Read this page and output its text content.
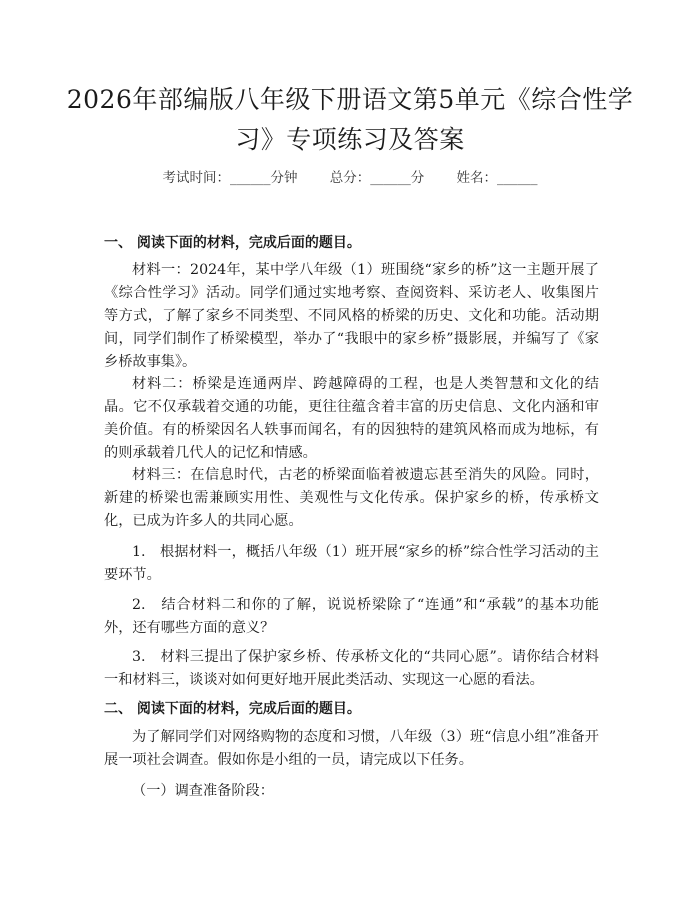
2026年部编版八年级下册语文第5单元《综合性学习》专项练习及答案
考试时间：______分钟 总分：______分 姓名：______
一、 阅读下面的材料，完成后面的题目。
材料一：2024年，某中学八年级（1）班围绕“家乡的桥”这一主题开展了《综合性学习》活动。同学们通过实地考察、查阅资料、采访老人、收集图片等方式，了解了家乡不同类型、不同风格的桥梁的历史、文化和功能。活动期间，同学们制作了桥梁模型，举办了“我眼中的家乡桥”摄影展，并编写了《家乡桥故事集》。
材料二：桥梁是连通两岸、跨越障碍的工程，也是人类智慧和文化的结晶。它不仅承载着交通的功能，更往往蕴含着丰富的历史信息、文化内涵和审美价值。有的桥梁因名人轶事而闻名，有的因独特的建筑风格而成为地标，有的则承载着几代人的记忆和情感。
材料三：在信息时代，古老的桥梁面临着被遗忘甚至消失的风险。同时，新建的桥梁也需兼顾实用性、美观性与文化传承。保护家乡的桥，传承桥文化，已成为许多人的共同心愿。
1.　根据材料一，概括八年级（1）班开展“家乡的桥”综合性学习活动的主要环节。
2.　结合材料二和你的了解，说说桥梁除了“连通”和“承载”的基本功能外，还有哪些方面的意义？
3.　材料三提出了保护家乡桥、传承桥文化的“共同心愿”。请你结合材料一和材料三，谈谈对如何更好地开展此类活动、实现这一心愿的看法。
二、 阅读下面的材料，完成后面的题目。
为了解同学们对网络购物的态度和习惯，八年级（3）班“信息小组”准备开展一项社会调查。假如你是小组的一员，请完成以下任务。
（一）调查准备阶段：
